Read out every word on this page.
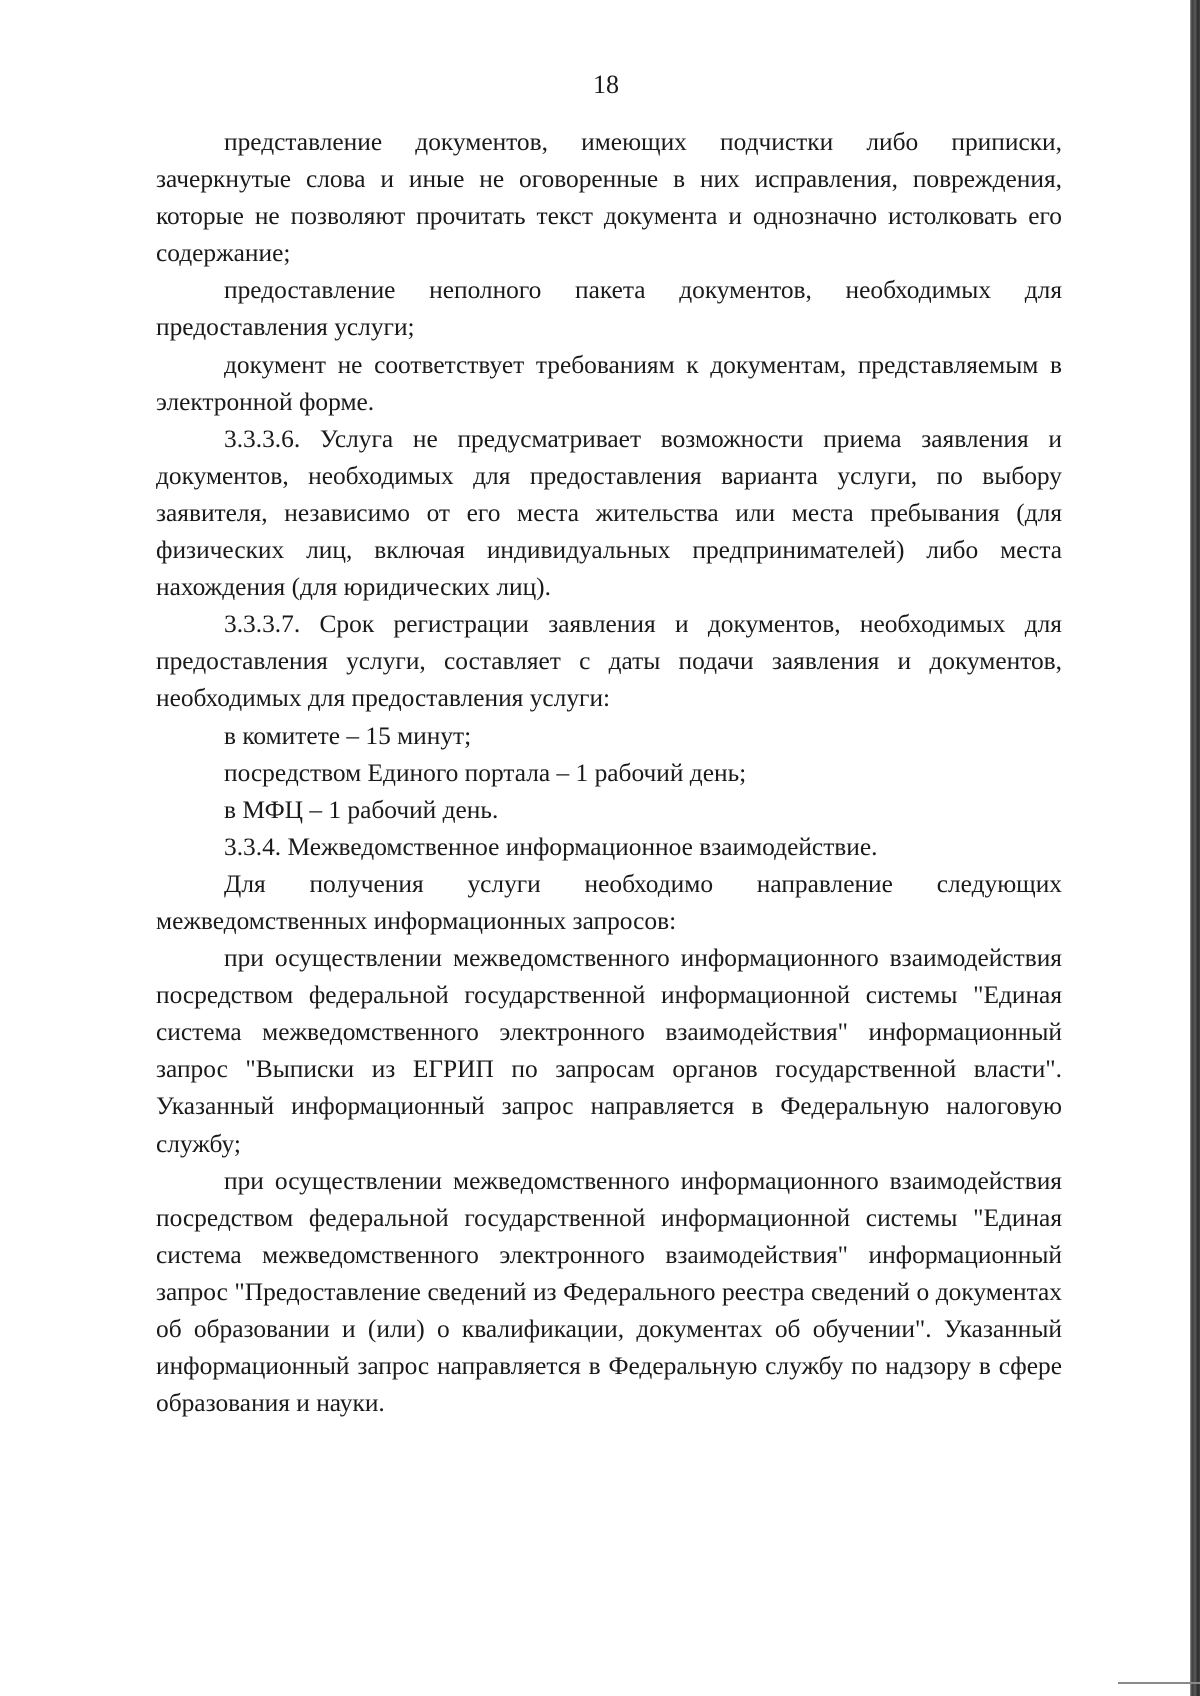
18

представление документов, имеющих подчистки либо приписки, зачеркнутые слова и иные не оговоренные в них исправления, повреждения, которые не позволяют прочитать текст документа и однозначно истолковать его содержание;

предоставление неполного пакета документов, необходимых для предоставления услуги;

документ не соответствует требованиям к документам, представляемым в электронной форме.

3.3.3.6. Услуга не предусматривает возможности приема заявления и документов, необходимых для предоставления варианта услуги, по выбору заявителя, независимо от его места жительства или места пребывания (для физических лиц, включая индивидуальных предпринимателей) либо места нахождения (для юридических лиц).

3.3.3.7. Срок регистрации заявления и документов, необходимых для предоставления услуги, составляет с даты подачи заявления и документов, необходимых для предоставления услуги:

в комитете – 15 минут;

посредством Единого портала – 1 рабочий день;

в МФЦ – 1 рабочий день.

3.3.4. Межведомственное информационное взаимодействие.

Для получения услуги необходимо направление следующих межведомственных информационных запросов:

при осуществлении межведомственного информационного взаимодействия посредством федеральной государственной информационной системы "Единая система межведомственного электронного взаимодействия" информационный запрос "Выписки из ЕГРИП по запросам органов государственной власти". Указанный информационный запрос направляется в Федеральную налоговую службу;

при осуществлении межведомственного информационного взаимодействия посредством федеральной государственной информационной системы "Единая система межведомственного электронного взаимодействия" информационный запрос "Предоставление сведений из Федерального реестра сведений о документах об образовании и (или) о квалификации, документах об обучении". Указанный информационный запрос направляется в Федеральную службу по надзору в сфере образования и науки.
